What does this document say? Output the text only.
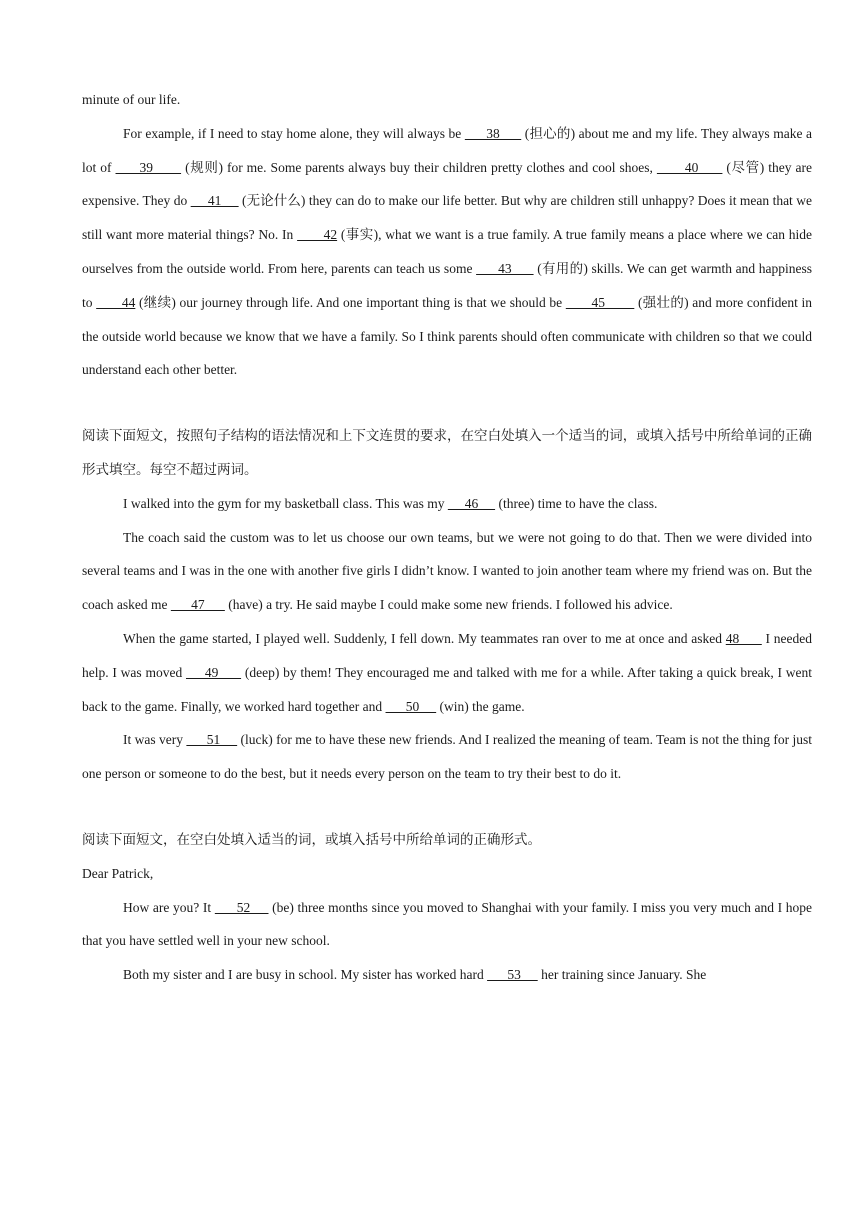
minute of our life.

For example, if I need to stay home alone, they will always be       38       (担心的) about me and my life. They always make a lot of       39        (规则) for me. Some parents always buy their children pretty clothes and cool shoes,        40       (尽管) they are expensive. They do      41      (无论什么) they can do to make our life better. But why are children still unhappy? Does it mean that we still want more material things? No. In        42 (事实), what we want is a true family. A true family means a place where we can hide ourselves from the outside world. From here, parents can teach us some       43       (有用的) skills. We can get warmth and happiness to        44 (继续) our journey through life. And one important thing is that we should be        45         (强壮的) and more confident in the outside world because we know that we have a family. So I think parents should often communicate with children so that we could understand each other better.

阅读下面短文，按照句子结构的语法情况和上下文连贯的要求，在空白处填入一个适当的词，或填入括号中所给单词的正确形式填空。每空不超过两词。

I walked into the gym for my basketball class. This was my      46      (three) time to have the class.

The coach said the custom was to let us choose our own teams, but we were not going to do that. Then we were divided into several teams and I was in the one with another five girls I didn’t know. I wanted to join another team where my friend was on. But the coach asked me       47       (have) a try. He said maybe I could make some new friends. I followed his advice.

When the game started, I played well. Suddenly, I fell down. My teammates ran over to me at once and asked 48       I needed help. I was moved      49       (deep) by them! They encouraged me and talked with me for a while. After taking a quick break, I went back to the game. Finally, we worked hard together and       50      (win) the game.

It was very       51      (luck) for me to have these new friends. And I realized the meaning of team. Team is not the thing for just one person or someone to do the best, but it needs every person on the team to try their best to do it.

阅读下面短文，在空白处填入适当的词，或填入括号中所给单词的正确形式。

Dear Patrick,

How are you? It       52      (be) three months since you moved to Shanghai with your family. I miss you very much and I hope that you have settled well in your new school.

Both my sister and I are busy in school. My sister has worked hard       53      her training since January. She
